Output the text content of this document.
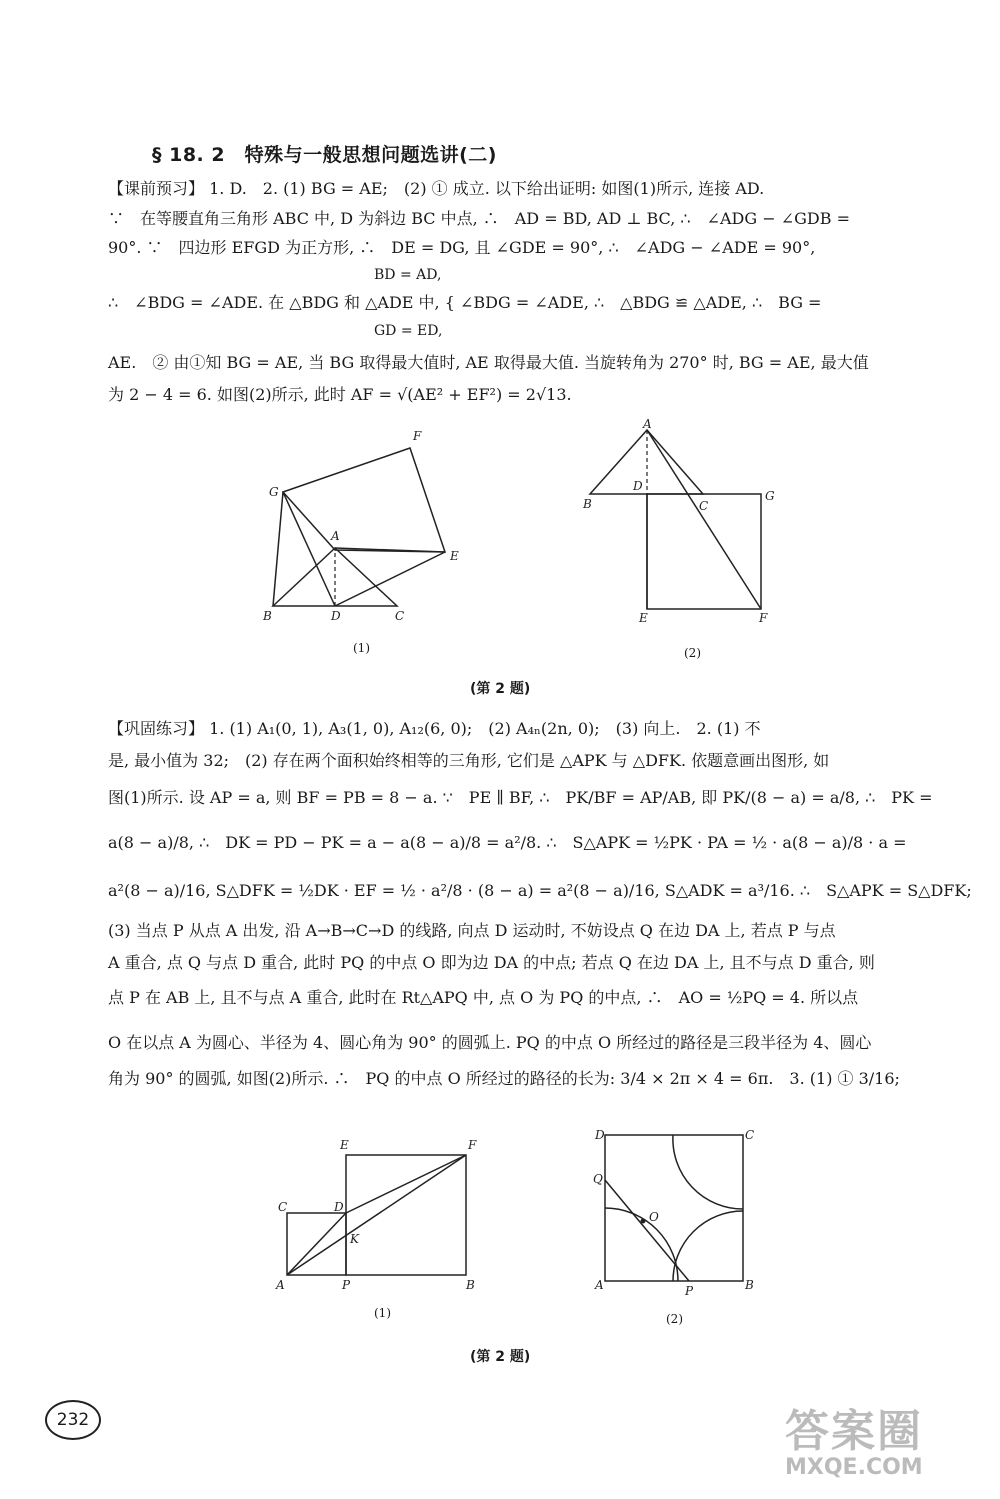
§ 18. 2　特殊与一般思想问题选讲(二)
【课前预习】 1. D.　2. (1) BG = AE;　(2) ① 成立. 以下给出证明: 如图(1)所示, 连接 AD.
∵　在等腰直角三角形 ABC 中, D 为斜边 BC 中点, ∴　AD = BD, AD ⊥ BC, ∴　∠ADG − ∠GDB =
90°. ∵　四边形 EFGD 为正方形, ∴　DE = DG, 且 ∠GDE = 90°, ∴　∠ADG − ∠ADE = 90°,
　　　　　　　　　　　　　　　　　　　BD = AD,
∴　∠BDG = ∠ADE. 在 △BDG 和 △ADE 中, { ∠BDG = ∠ADE, ∴　△BDG ≌ △ADE, ∴　BG =
　　　　　　　　　　　　　　　　　　　GD = ED,
AE.　② 由①知 BG = AE, 当 BG 取得最大值时, AE 取得最大值. 当旋转角为 270° 时, BG = AE, 最大值
为 2 − 4 = 6. 如图(2)所示, 此时 AF = √(AE² + EF²) = 2√13.
F
G
A
E
B	D	C
(1)
A
D
B	C
G
E	F
(2)
(第 2 题)
【巩固练习】 1. (1) A₁(0, 1), A₃(1, 0), A₁₂(6, 0);　(2) A₄ₙ(2n, 0);　(3) 向上.　2. (1) 不
是, 最小值为 32;　(2) 存在两个面积始终相等的三角形, 它们是 △APK 与 △DFK. 依题意画出图形, 如
图(1)所示. 设 AP = a, 则 BF = PB = 8 − a. ∵　PE ∥ BF, ∴　PK/BF = AP/AB, 即 PK/(8 − a) = a/8, ∴　PK =
a(8 − a)/8, ∴　DK = PD − PK = a − a(8 − a)/8 = a²/8. ∴　S△APK = ½PK · PA = ½ · a(8 − a)/8 · a =
a²(8 − a)/16, S△DFK = ½DK · EF = ½ · a²/8 · (8 − a) = a²(8 − a)/16, S△ADK = a³/16. ∴　S△APK = S△DFK;
(3) 当点 P 从点 A 出发, 沿 A→B→C→D 的线路, 向点 D 运动时, 不妨设点 Q 在边 DA 上, 若点 P 与点
A 重合, 点 Q 与点 D 重合, 此时 PQ 的中点 O 即为边 DA 的中点; 若点 Q 在边 DA 上, 且不与点 D 重合, 则
点 P 在 AB 上, 且不与点 A 重合, 此时在 Rt△APQ 中, 点 O 为 PQ 的中点, ∴　AO = ½PQ = 4. 所以点
O 在以点 A 为圆心、半径为 4、圆心角为 90° 的圆弧上. PQ 的中点 O 所经过的路径是三段半径为 4、圆心
角为 90° 的圆弧, 如图(2)所示. ∴　PQ 的中点 O 所经过的路径的长为: 3/4 × 2π × 4 = 6π.　3. (1) ① 3/16;
E	F
C	D
K
A	P	B
(1)
D	C
Q
O
A	P	B
(2)
(第 2 题)
232	答案圈
MXQE.COM
